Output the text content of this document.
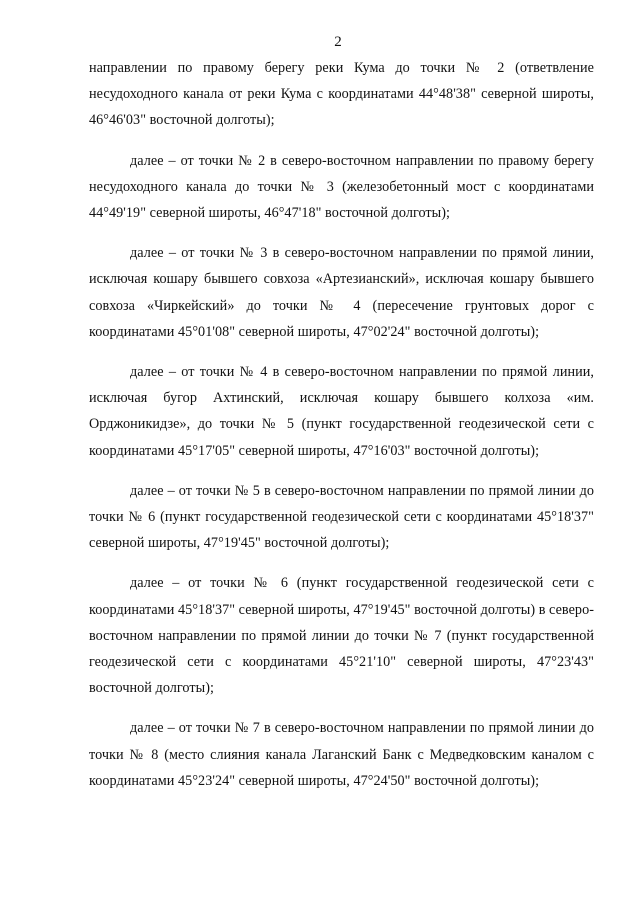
2

направлении по правому берегу реки Кума до точки № 2 (ответвление несудоходного канала от реки Кума с координатами 44°48'38" северной широты, 46°46'03" восточной долготы);

далее – от точки № 2 в северо-восточном направлении по правому берегу несудоходного канала до точки № 3 (железобетонный мост с координатами 44°49'19" северной широты, 46°47'18" восточной долготы);

далее – от точки № 3 в северо-восточном направлении по прямой линии, исключая кошару бывшего совхоза «Артезианский», исключая кошару бывшего совхоза «Чиркейский» до точки № 4 (пересечение грунтовых дорог с координатами 45°01'08" северной широты, 47°02'24" восточной долготы);

далее – от точки № 4 в северо-восточном направлении по прямой линии, исключая бугор Ахтинский, исключая кошару бывшего колхоза «им. Орджоникидзе», до точки № 5 (пункт государственной геодезической сети с координатами 45°17'05" северной широты, 47°16'03" восточной долготы);

далее – от точки № 5 в северо-восточном направлении по прямой линии до точки № 6 (пункт государственной геодезической сети с координатами 45°18'37" северной широты, 47°19'45" восточной долготы);

далее – от точки № 6 (пункт государственной геодезической сети с координатами 45°18'37" северной широты, 47°19'45" восточной долготы) в северо-восточном направлении по прямой линии до точки № 7 (пункт государственной геодезической сети с координатами 45°21'10" северной широты, 47°23'43" восточной долготы);

далее – от точки № 7 в северо-восточном направлении по прямой линии до точки № 8 (место слияния канала Лаганский Банк с Медведковским каналом с координатами 45°23'24" северной широты, 47°24'50" восточной долготы);
